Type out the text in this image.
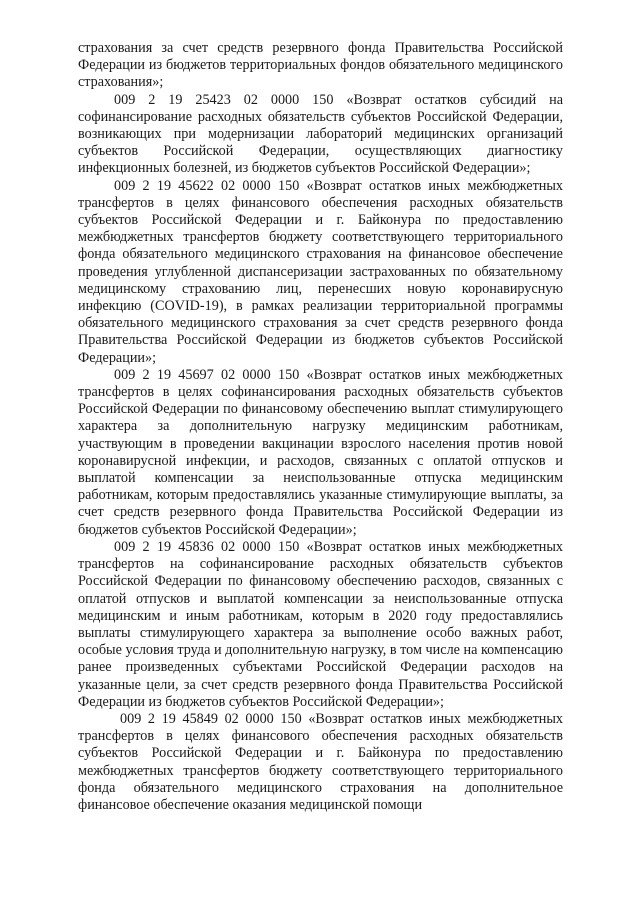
страхования за счет средств резервного фонда Правительства Российской Федерации из бюджетов территориальных фондов обязательного медицинского страхования»;

009 2 19 25423 02 0000 150 «Возврат остатков субсидий на софинансирование расходных обязательств субъектов Российской Федерации, возникающих при модернизации лабораторий медицинских организаций субъектов Российской Федерации, осуществляющих диагностику инфекционных болезней, из бюджетов субъектов Российской Федерации»;

009 2 19 45622 02 0000 150 «Возврат остатков иных межбюджетных трансфертов в целях финансового обеспечения расходных обязательств субъектов Российской Федерации и г. Байконура по предоставлению межбюджетных трансфертов бюджету соответствующего территориального фонда обязательного медицинского страхования на финансовое обеспечение проведения углубленной диспансеризации застрахованных по обязательному медицинскому страхованию лиц, перенесших новую коронавирусную инфекцию (COVID-19), в рамках реализации территориальной программы обязательного медицинского страхования за счет средств резервного фонда Правительства Российской Федерации из бюджетов субъектов Российской Федерации»;

009 2 19 45697 02 0000 150 «Возврат остатков иных межбюджетных трансфертов в целях софинансирования расходных обязательств субъектов Российской Федерации по финансовому обеспечению выплат стимулирующего характера за дополнительную нагрузку медицинским работникам, участвующим в проведении вакцинации взрослого населения против новой коронавирусной инфекции, и расходов, связанных с оплатой отпусков и выплатой компенсации за неиспользованные отпуска медицинским работникам, которым предоставлялись указанные стимулирующие выплаты, за счет средств резервного фонда Правительства Российской Федерации из бюджетов субъектов Российской Федерации»;

009 2 19 45836 02 0000 150 «Возврат остатков иных межбюджетных трансфертов на софинансирование расходных обязательств субъектов Российской Федерации по финансовому обеспечению расходов, связанных с оплатой отпусков и выплатой компенсации за неиспользованные отпуска медицинским и иным работникам, которым в 2020 году предоставлялись выплаты стимулирующего характера за выполнение особо важных работ, особые условия труда и дополнительную нагрузку, в том числе на компенсацию ранее произведенных субъектами Российской Федерации расходов на указанные цели, за счет средств резервного фонда Правительства Российской Федерации из бюджетов субъектов Российской Федерации»;

009 2 19 45849 02 0000 150 «Возврат остатков иных межбюджетных трансфертов в целях финансового обеспечения расходных обязательств субъектов Российской Федерации и г. Байконура по предоставлению межбюджетных трансфертов бюджету соответствующего территориального фонда обязательного медицинского страхования на дополнительное финансовое обеспечение оказания медицинской помощи
